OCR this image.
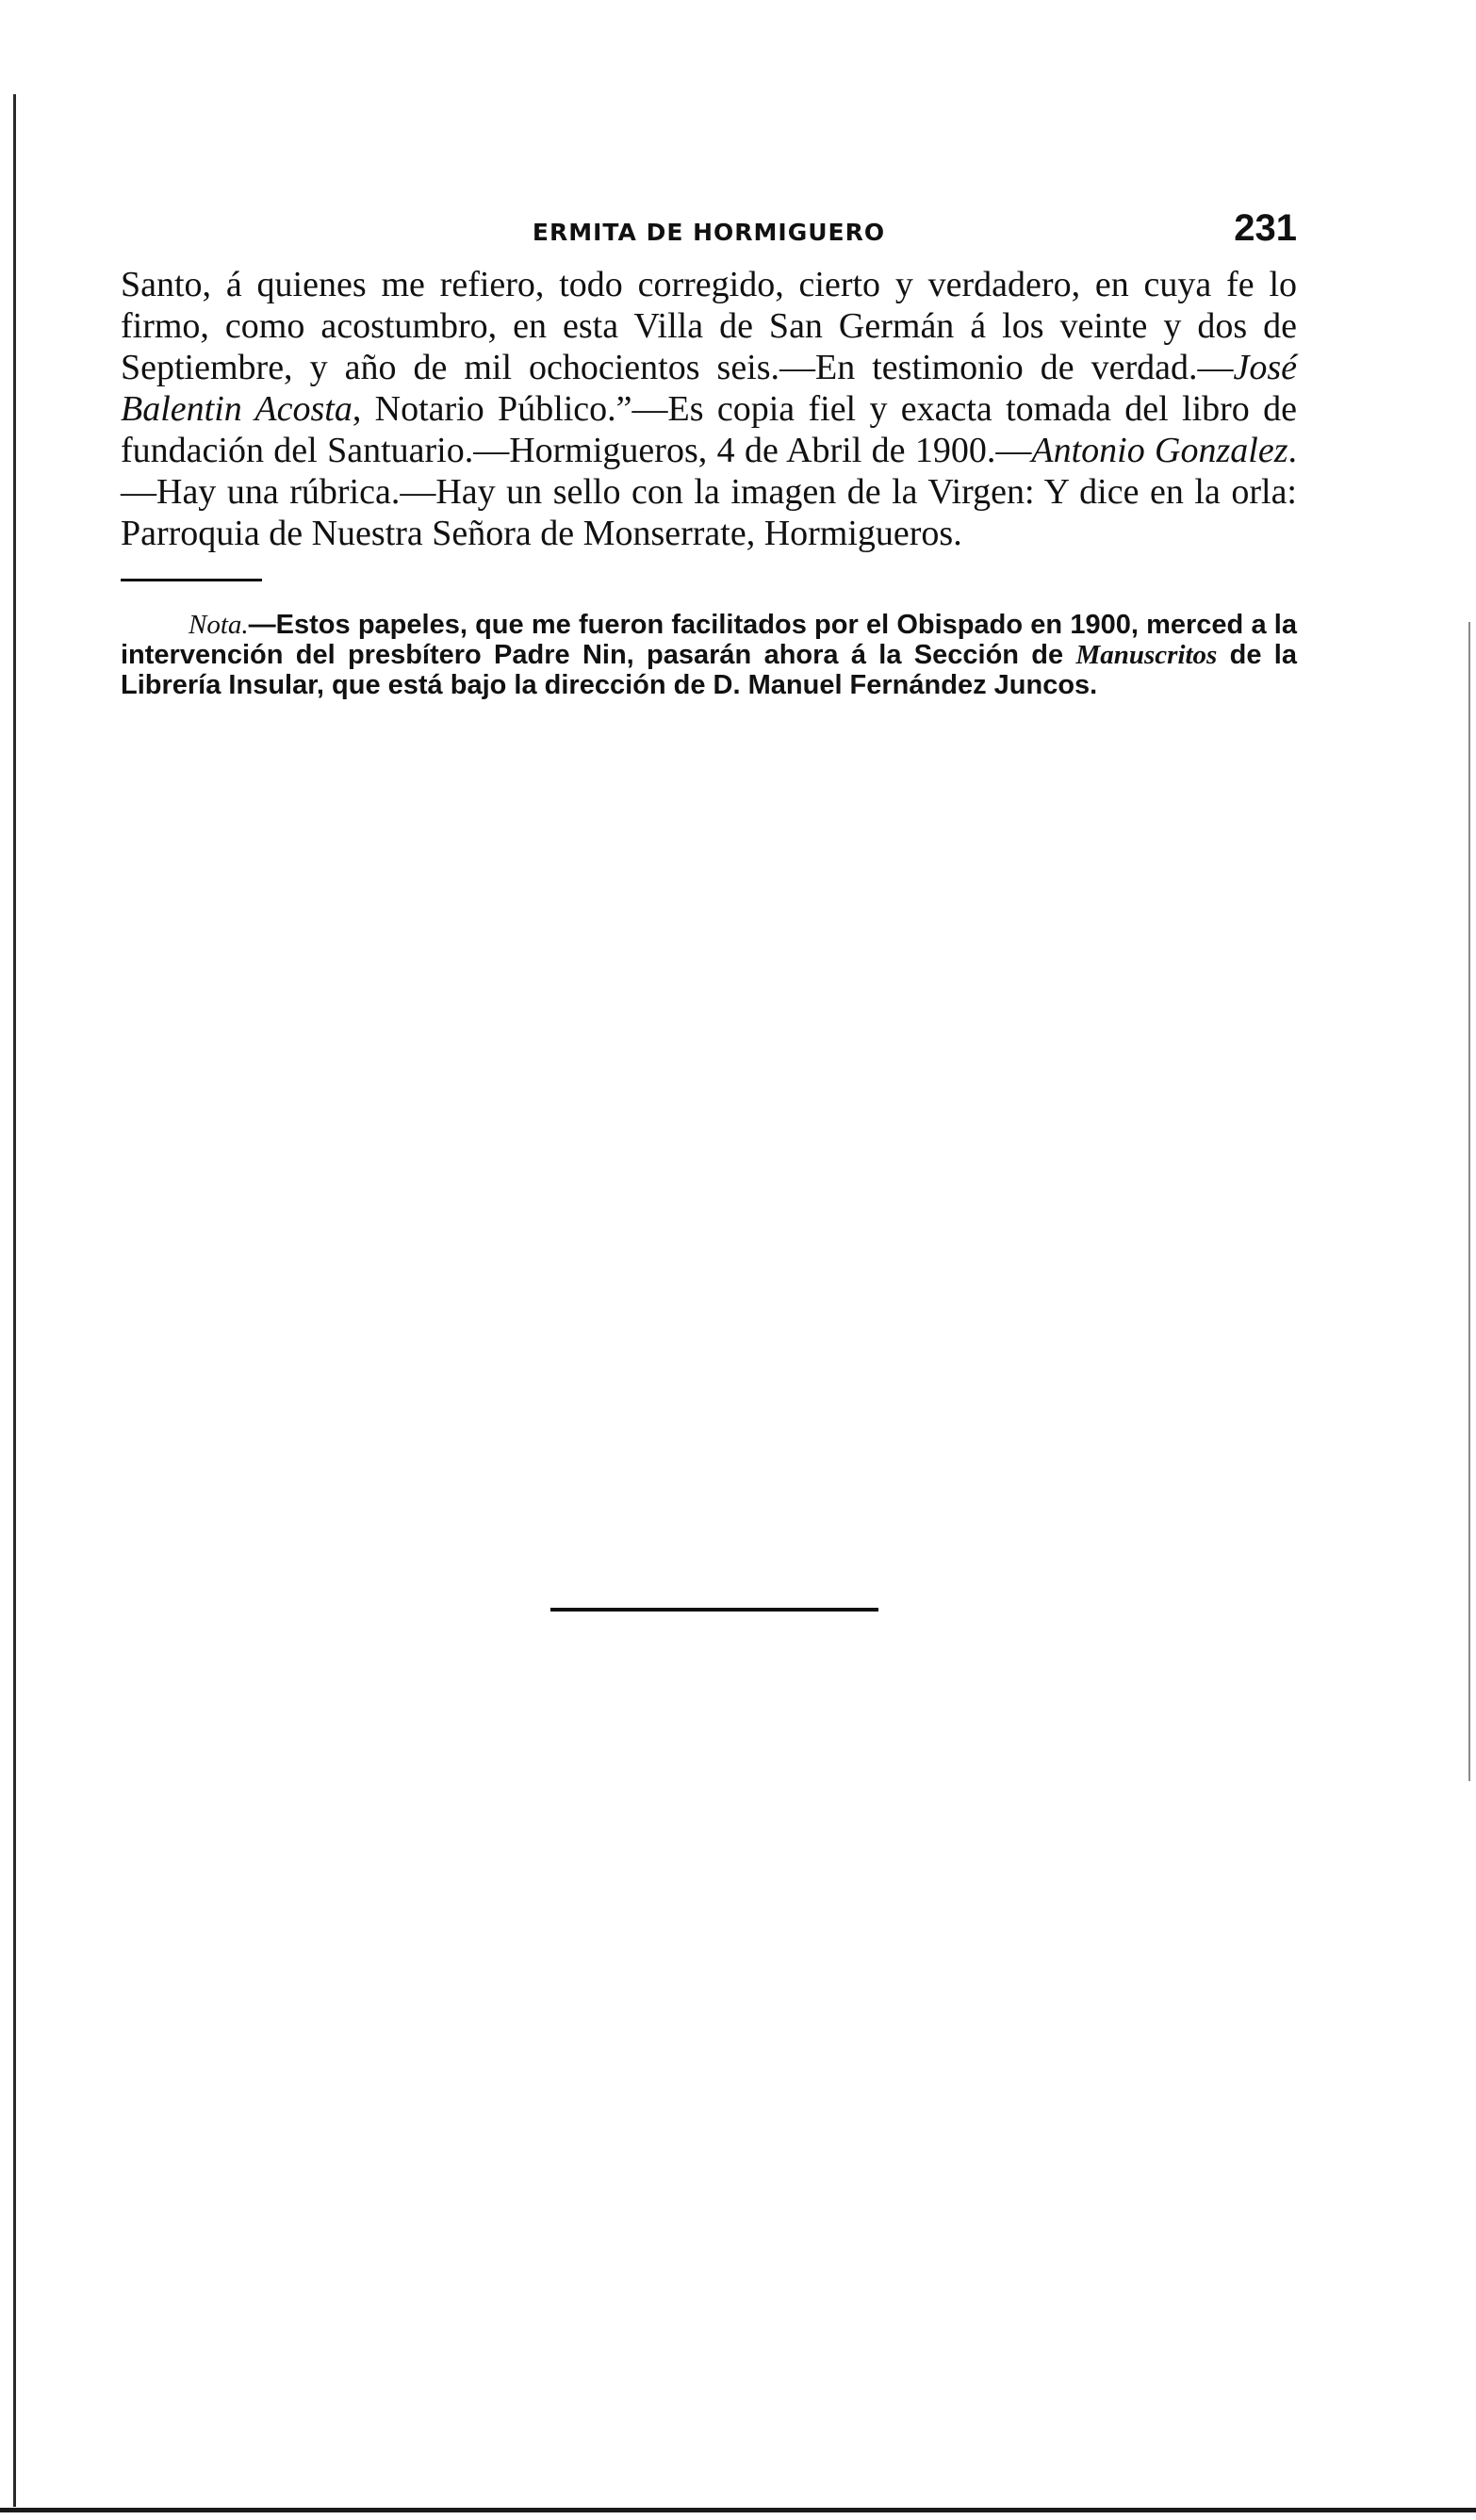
ERMITA DE HORMIGUERO	231

Santo, á quienes me refiero, todo corregido, cierto y verdadero, en cuya fe lo firmo, como acostumbro, en esta Villa de San Germán á los veinte y dos de Septiembre, y año de mil ochocientos seis.—En testimonio de verdad.—José Balentin Acosta, Notario Público.”—Es copia fiel y exacta tomada del libro de fundación del Santuario.—Hormigueros, 4 de Abril de 1900.—Antonio Gonzalez.—Hay una rúbrica.—Hay un sello con la imagen de la Virgen: Y dice en la orla: Parroquia de Nuestra Señora de Monserrate, Hormigueros.

Nota.—Estos papeles, que me fueron facilitados por el Obispado en 1900, merced a la intervención del presbítero Padre Nin, pasarán ahora á la Sección de Manuscritos de la Librería Insular, que está bajo la dirección de D. Manuel Fernández Juncos.
